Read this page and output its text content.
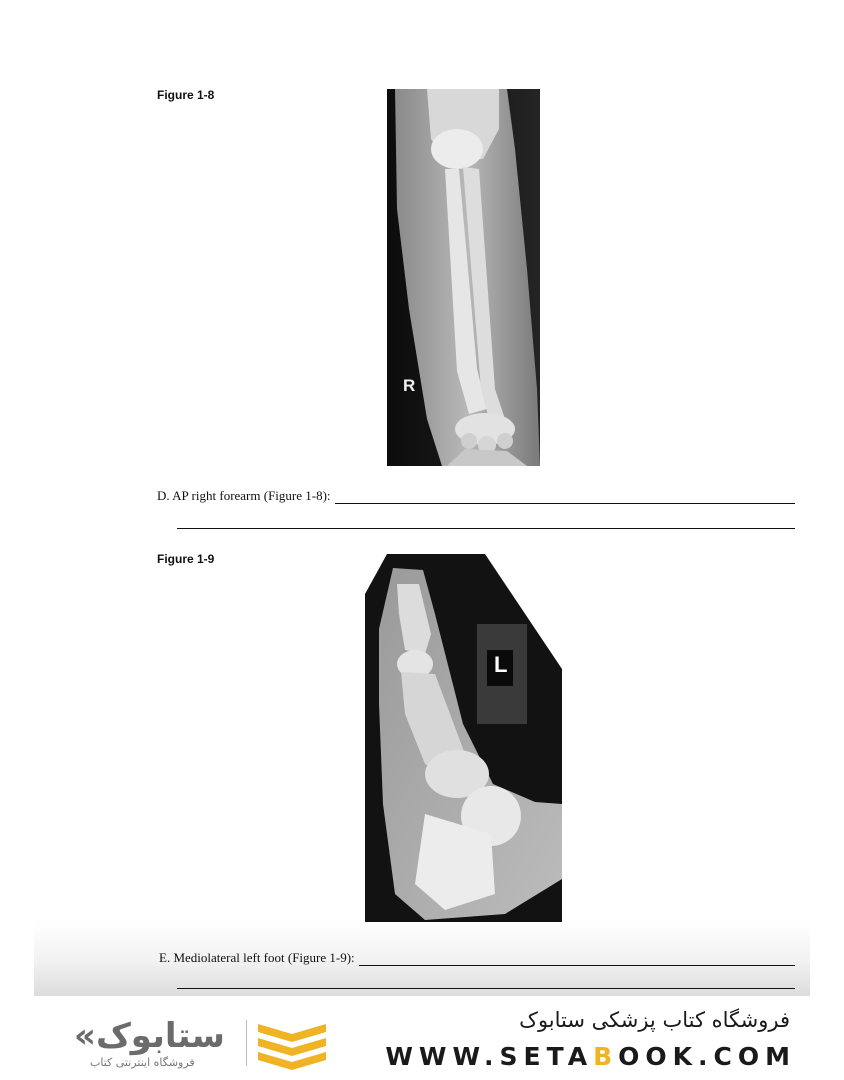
Figure 1-8
R
D. AP right forearm (Figure 1-8):
Figure 1-9
L
E. Mediolateral left foot (Figure 1-9):
«ستابوک
فروشگاه اینترنتی کتاب
فروشگاه کتاب پزشکی ستابوک
WWW.SETABOOK.COM
